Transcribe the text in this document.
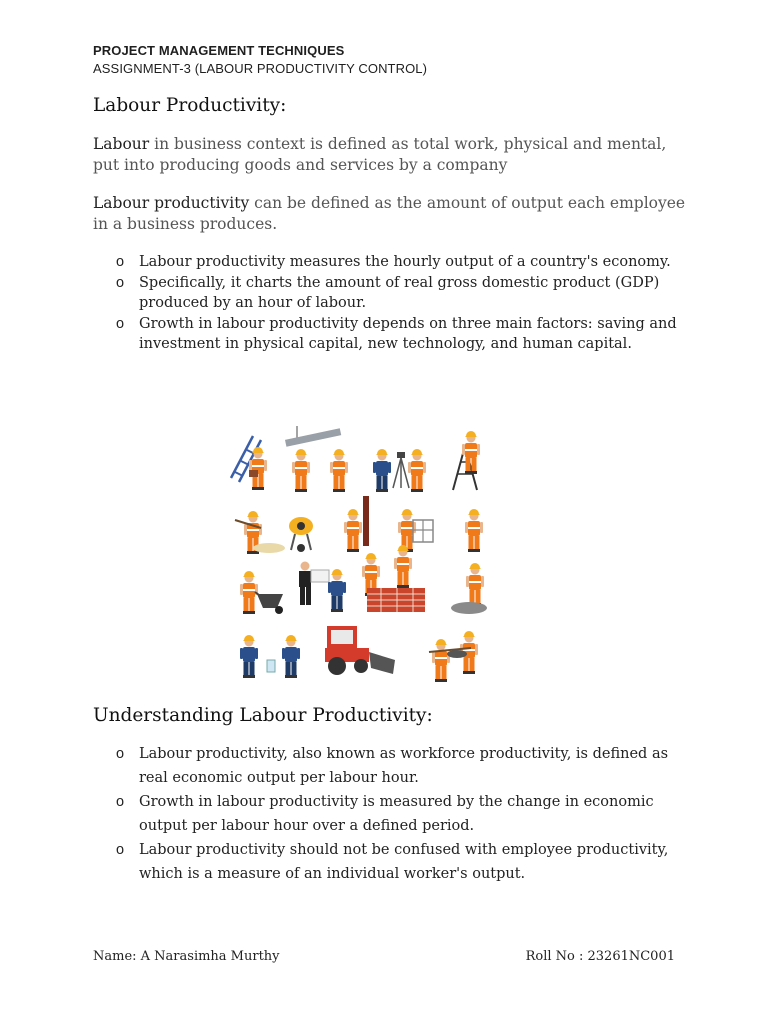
PROJECT MANAGEMENT TECHNIQUES
ASSIGNMENT-3 (LABOUR PRODUCTIVITY CONTROL)
Labour Productivity:
Labour in business context is defined as total work, physical and mental, put into producing goods and services by a company
Labour productivity can be defined as the amount of output each employee in a business produces.
o Labour productivity measures the hourly output of a country's economy.
o Specifically, it charts the amount of real gross domestic product (GDP) produced by an hour of labour.
o Growth in labour productivity depends on three main factors: saving and investment in physical capital, new technology, and human capital.
Understanding Labour Productivity:
o Labour productivity, also known as workforce productivity, is defined as real economic output per labour hour.
o Growth in labour productivity is measured by the change in economic output per labour hour over a defined period.
o Labour productivity should not be confused with employee productivity, which is a measure of an individual worker's output.
Name: A Narasimha Murthy	Roll No : 23261NC001
